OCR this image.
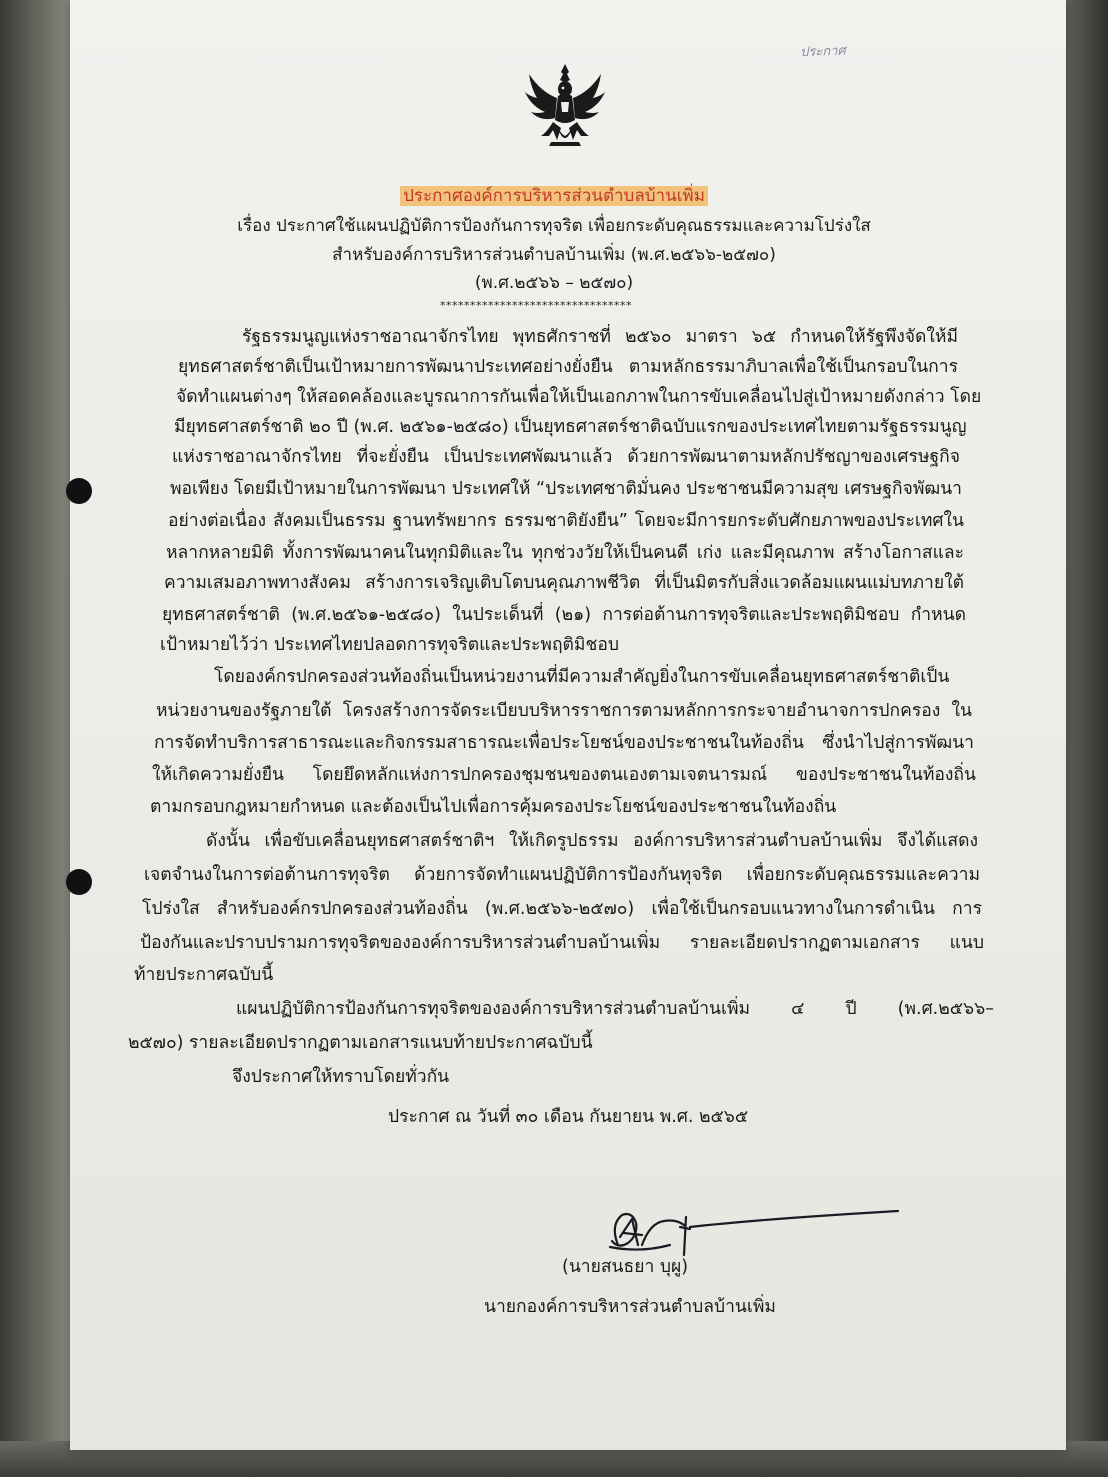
ประกาศ
ประกาศองค์การบริหารส่วนตำบลบ้านเพิ่ม
เรื่อง ประกาศใช้แผนปฏิบัติการป้องกันการทุจริต เพื่อยกระดับคุณธรรมและความโปร่งใส
สำหรับองค์การบริหารส่วนตำบลบ้านเพิ่ม (พ.ศ.๒๕๖๖-๒๕๗๐)
(พ.ศ.๒๕๖๖ – ๒๕๗๐)
********************************
รัฐธรรมนูญแห่งราชอาณาจักรไทย พุทธศักราชที่ ๒๕๖๐ มาตรา ๖๕ กำหนดให้รัฐพึงจัดให้มี
ยุทธศาสตร์ชาติเป็นเป้าหมายการพัฒนาประเทศอย่างยั่งยืน ตามหลักธรรมาภิบาลเพื่อใช้เป็นกรอบในการ
จัดทำแผนต่างๆ ให้สอดคล้องและบูรณาการกันเพื่อให้เป็นเอกภาพในการขับเคลื่อนไปสู่เป้าหมายดังกล่าว โดย
มียุทธศาสตร์ชาติ ๒๐ ปี (พ.ศ. ๒๕๖๑-๒๕๘๐) เป็นยุทธศาสตร์ชาติฉบับแรกของประเทศไทยตามรัฐธรรมนูญ
แห่งราชอาณาจักรไทย ที่จะยั่งยืน เป็นประเทศพัฒนาแล้ว ด้วยการพัฒนาตามหลักปรัชญาของเศรษฐกิจ
พอเพียง โดยมีเป้าหมายในการพัฒนา ประเทศให้ “ประเทศชาติมั่นคง ประชาชนมีความสุข เศรษฐกิจพัฒนา
อย่างต่อเนื่อง สังคมเป็นธรรม ฐานทรัพยากร ธรรมชาติยังยืน” โดยจะมีการยกระดับศักยภาพของประเทศใน
หลากหลายมิติ ทั้งการพัฒนาคนในทุกมิติและใน ทุกช่วงวัยให้เป็นคนดี เก่ง และมีคุณภาพ สร้างโอกาสและ
ความเสมอภาพทางสังคม สร้างการเจริญเติบโตบนคุณภาพชีวิต ที่เป็นมิตรกับสิ่งแวดล้อมแผนแม่บทภายใต้
ยุทธศาสตร์ชาติ (พ.ศ.๒๕๖๑-๒๕๘๐) ในประเด็นที่ (๒๑) การต่อต้านการทุจริตและประพฤติมิชอบ กำหนด
เป้าหมายไว้ว่า ประเทศไทยปลอดการทุจริตและประพฤติมิชอบ
โดยองค์กรปกครองส่วนท้องถิ่นเป็นหน่วยงานที่มีความสำคัญยิ่งในการขับเคลื่อนยุทธศาสตร์ชาติเป็น
หน่วยงานของรัฐภายใต้ โครงสร้างการจัดระเบียบบริหารราชการตามหลักการกระจายอำนาจการปกครอง ใน
การจัดทำบริการสาธารณะและกิจกรรมสาธารณะเพื่อประโยชน์ของประชาชนในท้องถิ่น ซึ่งนำไปสู่การพัฒนา
ให้เกิดความยั่งยืน โดยยึดหลักแห่งการปกครองชุมชนของตนเองตามเจตนารมณ์ ของประชาชนในท้องถิ่น
ตามกรอบกฎหมายกำหนด และต้องเป็นไปเพื่อการคุ้มครองประโยชน์ของประชาชนในท้องถิ่น
ดังนั้น เพื่อขับเคลื่อนยุทธศาสตร์ชาติฯ ให้เกิดรูปธรรม องค์การบริหารส่วนตำบลบ้านเพิ่ม จึงได้แสดง
เจตจำนงในการต่อต้านการทุจริต ด้วยการจัดทำแผนปฏิบัติการป้องกันทุจริต เพื่อยกระดับคุณธรรมและความ
โปร่งใส สำหรับองค์กรปกครองส่วนท้องถิ่น (พ.ศ.๒๕๖๖-๒๕๗๐) เพื่อใช้เป็นกรอบแนวทางในการดำเนิน การ
ป้องกันและปราบปรามการทุจริตขององค์การบริหารส่วนตำบลบ้านเพิ่ม รายละเอียดปรากฏตามเอกสาร แนบ
ท้ายประกาศฉบับนี้
แผนปฏิบัติการป้องกันการทุจริตขององค์การบริหารส่วนตำบลบ้านเพิ่ม ๔ ปี (พ.ศ.๒๕๖๖–
๒๕๗๐) รายละเอียดปรากฏตามเอกสารแนบท้ายประกาศฉบับนี้
จึงประกาศให้ทราบโดยทั่วกัน
ประกาศ ณ วันที่ ๓๐ เดือน กันยายน พ.ศ. ๒๕๖๕
(นายสนธยา บุผู)
นายกองค์การบริหารส่วนตำบลบ้านเพิ่ม
